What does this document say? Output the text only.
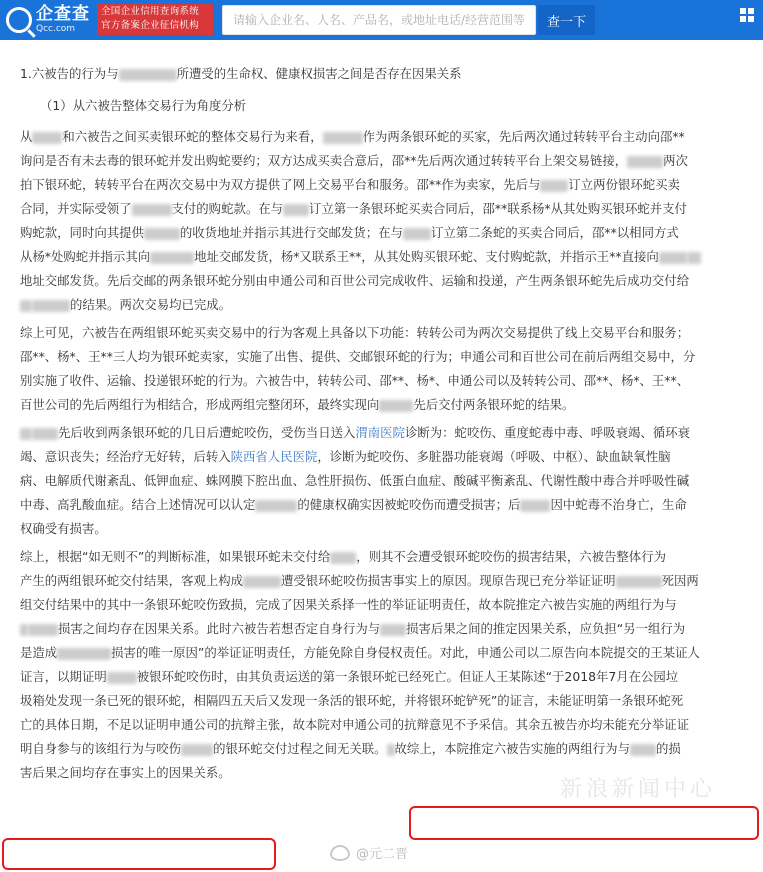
企查查
Qcc.com
全国企业信用查询系统
官方备案企业征信机构
请输入企业名、人名、产品名，或地址电话/经营范围等	查一下
1.六被告的行为与	所遭受的生命权、健康权损害之间是否存在因果关系
（1）从六被告整体交易行为角度分析
从 和六被告之间买卖银环蛇的整体交易行为来看，	作为两条银环蛇的买家，先后两次通过转转平台主动向邵**
询问是否有未去毒的银环蛇并发出购蛇要约；双方达成买卖合意后，邵**先后两次通过转转平台上架交易链接，	两次
拍下银环蛇，转转平台在两次交易中为双方提供了网上交易平台和服务。邵**作为卖家，先后与 订立两份银环蛇买卖
合同，并实际受领了	支付的购蛇款。在与 订立第一条银环蛇买卖合同后，邵**联系杨*从其处购买银环蛇并支付
购蛇款，同时向其提供	的收货地址并指示其进行交邮发货；在与 订立第二条蛇的买卖合同后，邵**以相同方式
从杨*处购蛇并指示其向	地址交邮发货，杨*又联系王**，从其处购买银环蛇、支付购蛇款，并指示王**直接向
地址交邮发货。先后交邮的两条银环蛇分别由申通公司和百世公司完成收件、运输和投递，产生两条银环蛇先后成功交付给
的结果。两次交易均已完成。
综上可见，六被告在两组银环蛇买卖交易中的行为客观上具备以下功能：转转公司为两次交易提供了线上交易平台和服务；
邵**、杨*、王**三人均为银环蛇卖家，实施了出售、提供、交邮银环蛇的行为；申通公司和百世公司在前后两组交易中，分
别实施了收件、运输、投递银环蛇的行为。六被告中，转转公司、邵**、杨*、申通公司以及转转公司、邵**、杨*、王**、
百世公司的先后两组行为相结合，形成两组完整闭环，最终实现向	先后交付两条银环蛇的结果。
先后收到两条银环蛇的几日后遭蛇咬伤，受伤当日送入渭南医院诊断为：蛇咬伤、重度蛇毒中毒、呼吸衰竭、循环衰
竭、意识丧失；经治疗无好转，后转入陕西省人民医院，诊断为蛇咬伤、多脏器功能衰竭（呼吸、中枢）、缺血缺氧性脑
病、电解质代谢紊乱、低钾血症、蛛网膜下腔出血、急性肝损伤、低蛋白血症、酸碱平衡紊乱、代谢性酸中毒合并呼吸性碱
中毒、高乳酸血症。结合上述情况可以认定	的健康权确实因被蛇咬伤而遭受损害；后 因中蛇毒不治身亡，生命
权确受有损害。
综上，根据“如无则不”的判断标准，如果银环蛇未交付给 ，则其不会遭受银环蛇咬伤的损害结果，六被告整体行为
产生的两组银环蛇交付结果，客观上构成	遭受银环蛇咬伤损害事实上的原因。现原告现已充分举证证明	死因两
组交付结果中的其中一条银环蛇咬伤致损，完成了因果关系择一性的举证证明责任，故本院推定六被告实施的两组行为与
损害之间均存在因果关系。此时六被告若想否定自身行为与 损害后果之间的推定因果关系，应负担“另一组行为
是造成	损害的唯一原因”的举证证明责任，方能免除自身侵权责任。对此，申通公司以二原告向本院提交的王某证人
证言，以期证明 被银环蛇咬伤时，由其负责运送的第一条银环蛇已经死亡。但证人王某陈述“于2018年7月在公园垃
圾箱处发现一条已死的银环蛇，相隔四五天后又发现一条活的银环蛇，并将银环蛇铲死”的证言，未能证明第一条银环蛇死
亡的具体日期，不足以证明申通公司的抗辩主张，故本院对申通公司的抗辩意见不予采信。其余五被告亦均未能充分举证证
明自身参与的该组行为与咬伤	的银环蛇交付过程之间无关联。 故综上，本院推定六被告实施的两组行为与 的损
害后果之间均存在事实上的因果关系。
新浪新闻中心
@元二晋
